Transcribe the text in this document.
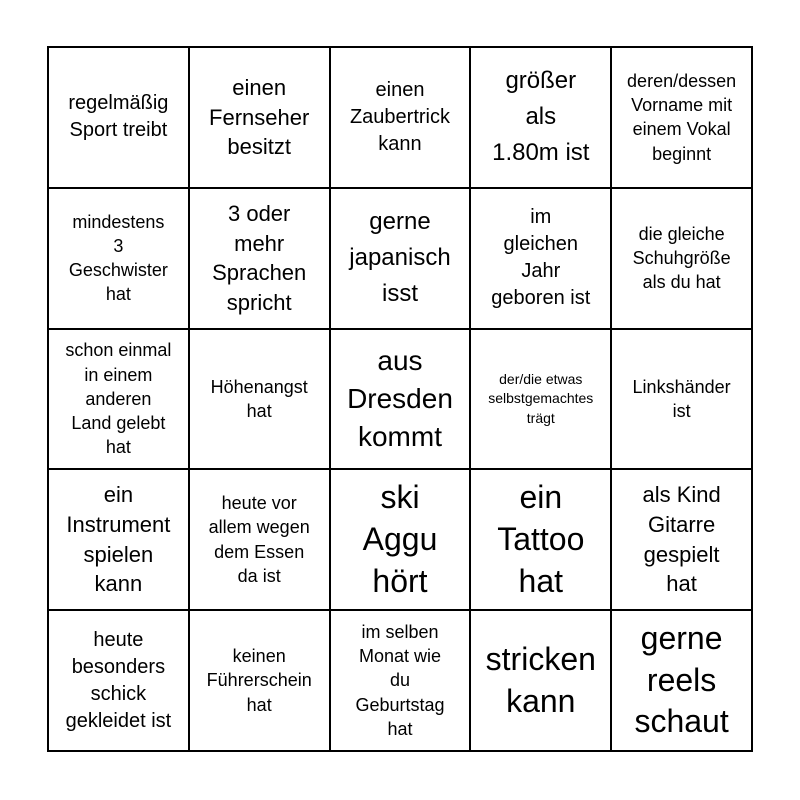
regelmäßig
Sport treibt
einen
Fernseher
besitzt
einen
Zaubertrick
kann
größer
als
1.80m ist
deren/dessen
Vorname mit
einem Vokal
beginnt
mindestens
3
Geschwister
hat
3 oder
mehr
Sprachen
spricht
gerne
japanisch
isst
im
gleichen
Jahr
geboren ist
die gleiche
Schuhgröße
als du hat
schon einmal
in einem
anderen
Land gelebt
hat
Höhenangst
hat
aus
Dresden
kommt
der/die etwas
selbstgemachtes
trägt
Linkshänder
ist
ein
Instrument
spielen
kann
heute vor
allem wegen
dem Essen
da ist
ski
Aggu
hört
ein
Tattoo
hat
als Kind
Gitarre
gespielt
hat
heute
besonders
schick
gekleidet ist
keinen
Führerschein
hat
im selben
Monat wie
du
Geburtstag
hat
stricken
kann
gerne
reels
schaut
